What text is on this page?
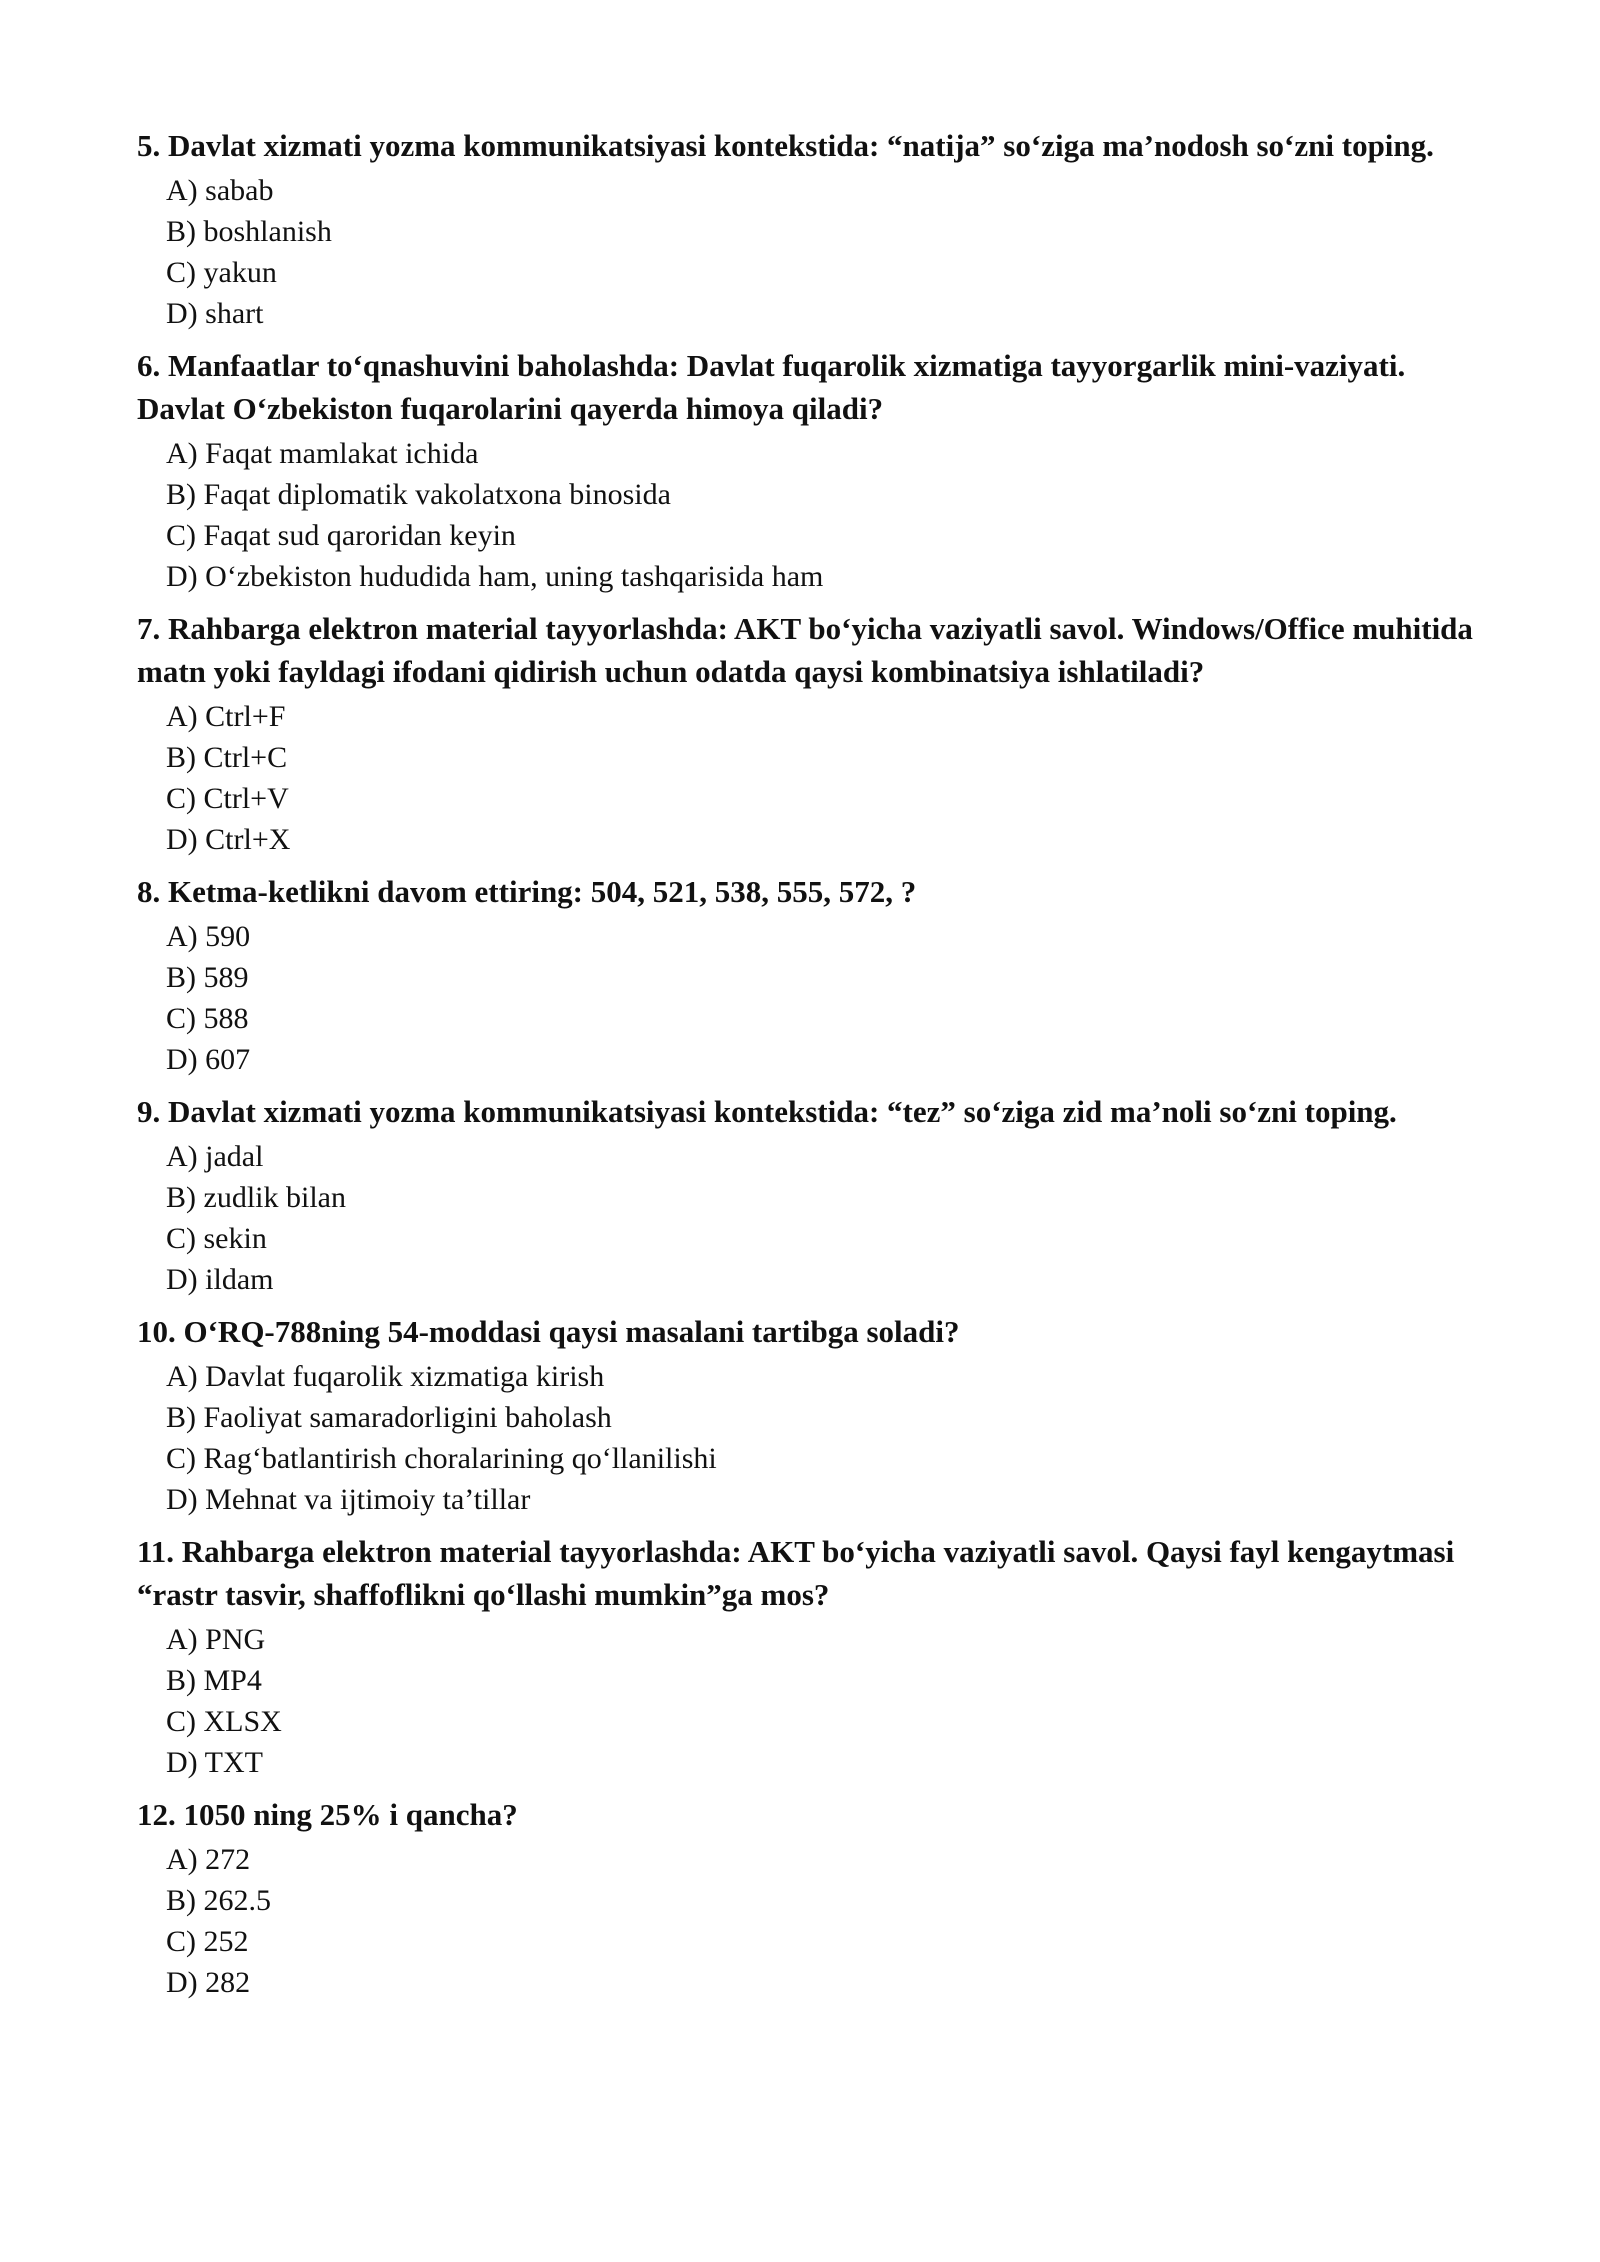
5. Davlat xizmati yozma kommunikatsiyasi kontekstida: “natija” so‘ziga ma’nodosh so‘zni toping.
A) sabab
B) boshlanish
C) yakun
D) shart
6. Manfaatlar to‘qnashuvini baholashda: Davlat fuqarolik xizmatiga tayyorgarlik mini-vaziyati. Davlat O‘zbekiston fuqarolarini qayerda himoya qiladi?
A) Faqat mamlakat ichida
B) Faqat diplomatik vakolatxona binosida
C) Faqat sud qaroridan keyin
D) O‘zbekiston hududida ham, uning tashqarisida ham
7. Rahbarga elektron material tayyorlashda: AKT bo‘yicha vaziyatli savol. Windows/Office muhitida matn yoki fayldagi ifodani qidirish uchun odatda qaysi kombinatsiya ishlatiladi?
A) Ctrl+F
B) Ctrl+C
C) Ctrl+V
D) Ctrl+X
8. Ketma-ketlikni davom ettiring: 504, 521, 538, 555, 572, ?
A) 590
B) 589
C) 588
D) 607
9. Davlat xizmati yozma kommunikatsiyasi kontekstida: “tez” so‘ziga zid ma’noli so‘zni toping.
A) jadal
B) zudlik bilan
C) sekin
D) ildam
10. O‘RQ-788ning 54-moddasi qaysi masalani tartibga soladi?
A) Davlat fuqarolik xizmatiga kirish
B) Faoliyat samaradorligini baholash
C) Rag‘batlantirish choralarining qo‘llanilishi
D) Mehnat va ijtimoiy ta’tillar
11. Rahbarga elektron material tayyorlashda: AKT bo‘yicha vaziyatli savol. Qaysi fayl kengaytmasi “rastr tasvir, shaffoflikni qo‘llashi mumkin”ga mos?
A) PNG
B) MP4
C) XLSX
D) TXT
12. 1050 ning 25% i qancha?
A) 272
B) 262.5
C) 252
D) 282
